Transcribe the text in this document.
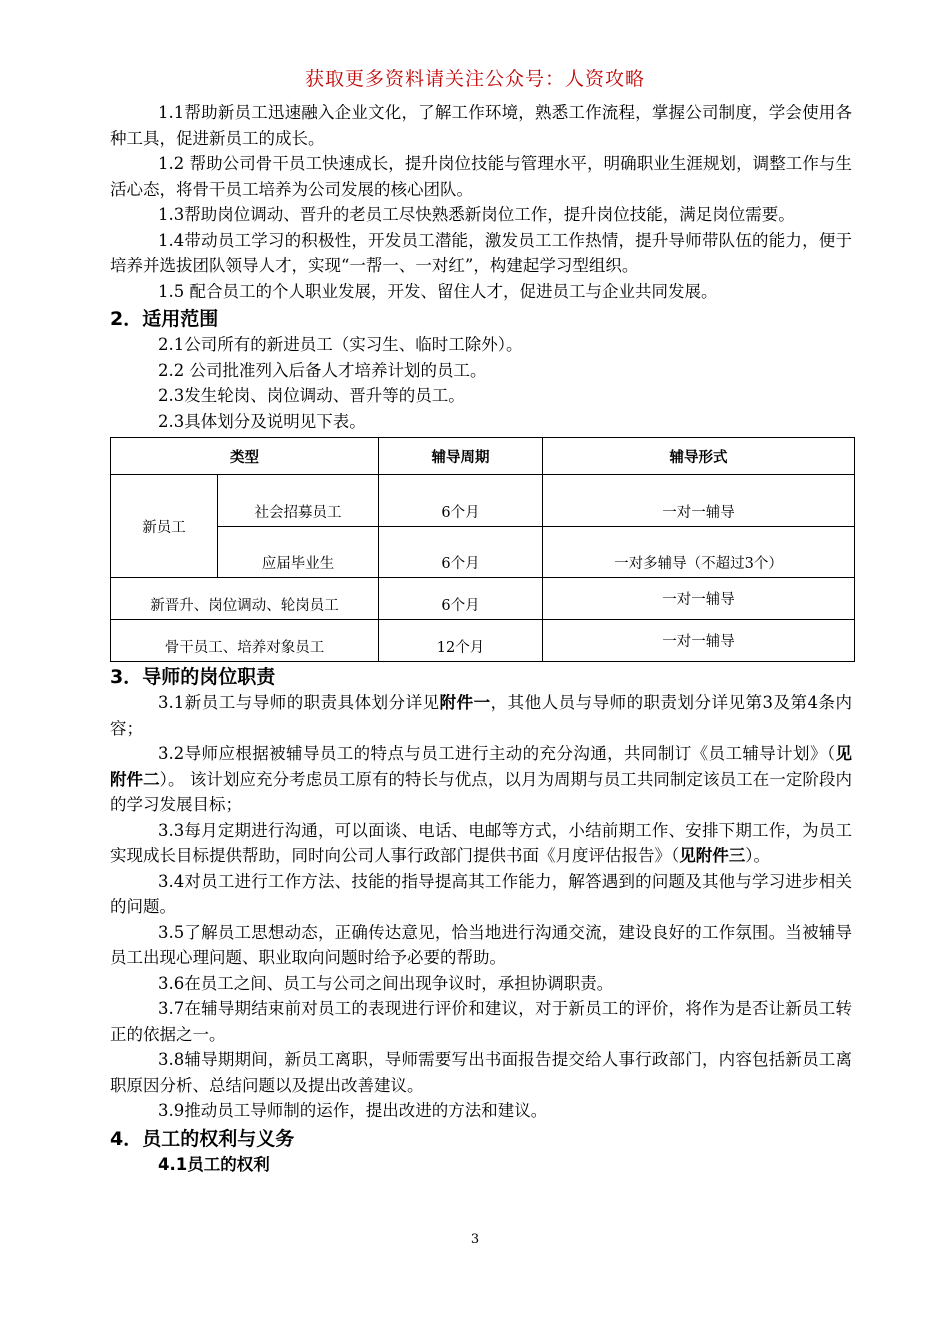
获取更多资料请关注公众号：人资攻略

1.1帮助新员工迅速融入企业文化，了解工作环境，熟悉工作流程，掌握公司制度，学会使用各种工具，促进新员工的成长。

1.2 帮助公司骨干员工快速成长，提升岗位技能与管理水平，明确职业生涯规划，调整工作与生活心态，将骨干员工培养为公司发展的核心团队。

1.3帮助岗位调动、晋升的老员工尽快熟悉新岗位工作，提升岗位技能，满足岗位需要。

1.4带动员工学习的积极性，开发员工潜能，激发员工工作热情，提升导师带队伍的能力，便于培养并选拔团队领导人才，实现“一帮一、一对红”，构建起学习型组织。

1.5 配合员工的个人职业发展，开发、留住人才，促进员工与企业共同发展。

2．适用范围

2.1公司所有的新进员工（实习生、临时工除外）。

2.2 公司批准列入后备人才培养计划的员工。

2.3发生轮岗、岗位调动、晋升等的员工。

2.3具体划分及说明见下表。

类型		辅导周期	辅导形式
新员工	社会招募员工	6个月	一对一辅导
	应届毕业生	6个月	一对多辅导（不超过3个）
新晋升、岗位调动、轮岗员工		6个月	一对一辅导
骨干员工、培养对象员工		12个月	一对一辅导
3．导师的岗位职责

3.1新员工与导师的职责具体划分详见附件一，其他人员与导师的职责划分详见第3及第4条内容；

3.2导师应根据被辅导员工的特点与员工进行主动的充分沟通，共同制订《员工辅导计划》（见附件二）。 该计划应充分考虑员工原有的特长与优点，以月为周期与员工共同制定该员工在一定阶段内的学习发展目标；

3.3每月定期进行沟通，可以面谈、电话、电邮等方式，小结前期工作、安排下期工作，为员工实现成长目标提供帮助，同时向公司人事行政部门提供书面《月度评估报告》（见附件三）。

3.4对员工进行工作方法、技能的指导提高其工作能力，解答遇到的问题及其他与学习进步相关的问题。

3.5了解员工思想动态，正确传达意见，恰当地进行沟通交流，建设良好的工作氛围。当被辅导员工出现心理问题、职业取向问题时给予必要的帮助。

3.6在员工之间、员工与公司之间出现争议时，承担协调职责。

3.7在辅导期结束前对员工的表现进行评价和建议，对于新员工的评价，将作为是否让新员工转正的依据之一。

3.8辅导期期间，新员工离职，导师需要写出书面报告提交给人事行政部门，内容包括新员工离职原因分析、总结问题以及提出改善建议。

3.9推动员工导师制的运作，提出改进的方法和建议。

4．员工的权利与义务
4.1员工的权利
3
